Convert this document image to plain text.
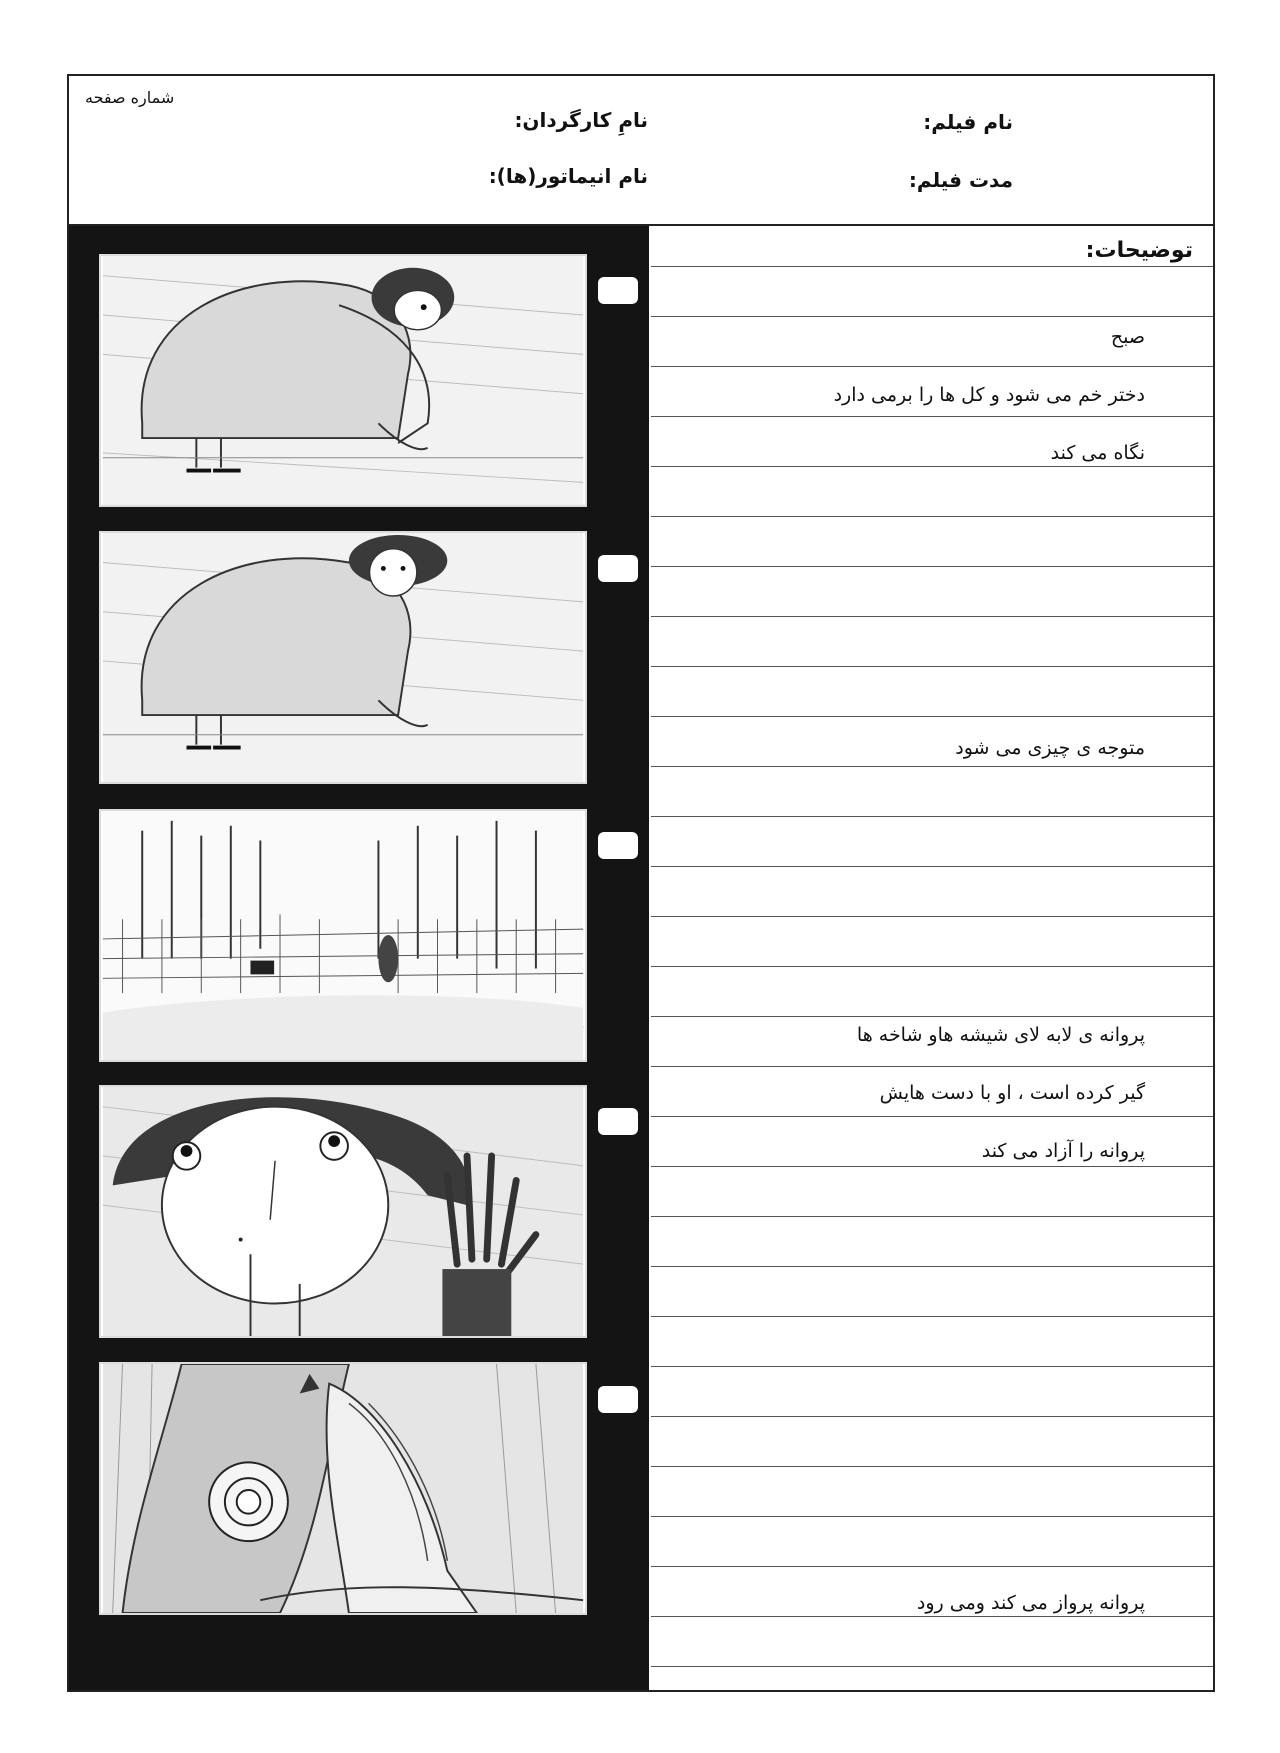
شماره صفحه
نام فیلم:
مدت فیلم:
نامِ کارگردان:
نام انیماتور(ها):
توضیحات:
صبح
دختر خم می شود و کل ها را برمی دارد
نگاه می کند
متوجه ی چیزی می شود
پروانه ی لابه لای شیشه هاو شاخه ها
گیر کرده است ، او با دست هایش
پروانه را آزاد می کند
پروانه پرواز می کند ومی رود
